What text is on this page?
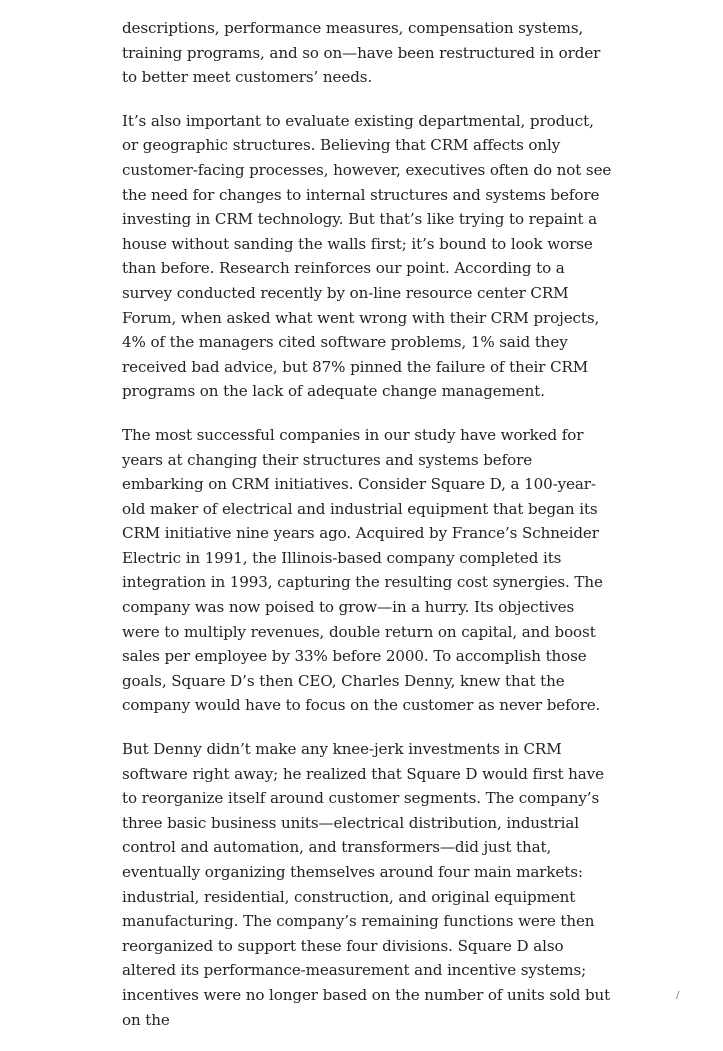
descriptions, performance measures, compensation systems, training programs, and so on—have been restructured in order to better meet customers’ needs.

It’s also important to evaluate existing departmental, product, or geographic structures. Believing that CRM affects only customer-facing processes, however, executives often do not see the need for changes to internal structures and systems before investing in CRM technology. But that’s like trying to repaint a house without sanding the walls first; it’s bound to look worse than before. Research reinforces our point. According to a survey conducted recently by on-line resource center CRM Forum, when asked what went wrong with their CRM projects, 4% of the managers cited software problems, 1% said they received bad advice, but 87% pinned the failure of their CRM programs on the lack of adequate change management.

The most successful companies in our study have worked for years at changing their structures and systems before embarking on CRM initiatives. Consider Square D, a 100-year-old maker of electrical and industrial equipment that began its CRM initiative nine years ago. Acquired by France’s Schneider Electric in 1991, the Illinois-based company completed its integration in 1993, capturing the resulting cost synergies. The company was now poised to grow—in a hurry. Its objectives were to multiply revenues, double return on capital, and boost sales per employee by 33% before 2000. To accomplish those goals, Square D’s then CEO, Charles Denny, knew that the company would have to focus on the customer as never before.

But Denny didn’t make any knee-jerk investments in CRM software right away; he realized that Square D would first have to reorganize itself around customer segments. The company’s three basic business units—electrical distribution, industrial control and automation, and transformers—did just that, eventually organizing themselves around four main markets: industrial, residential, construction, and original equipment manufacturing. The company’s remaining functions were then reorganized to support these four divisions. Square D also altered its performance-measurement and incentive systems; incentives were no longer based on the number of units sold but on the

/
